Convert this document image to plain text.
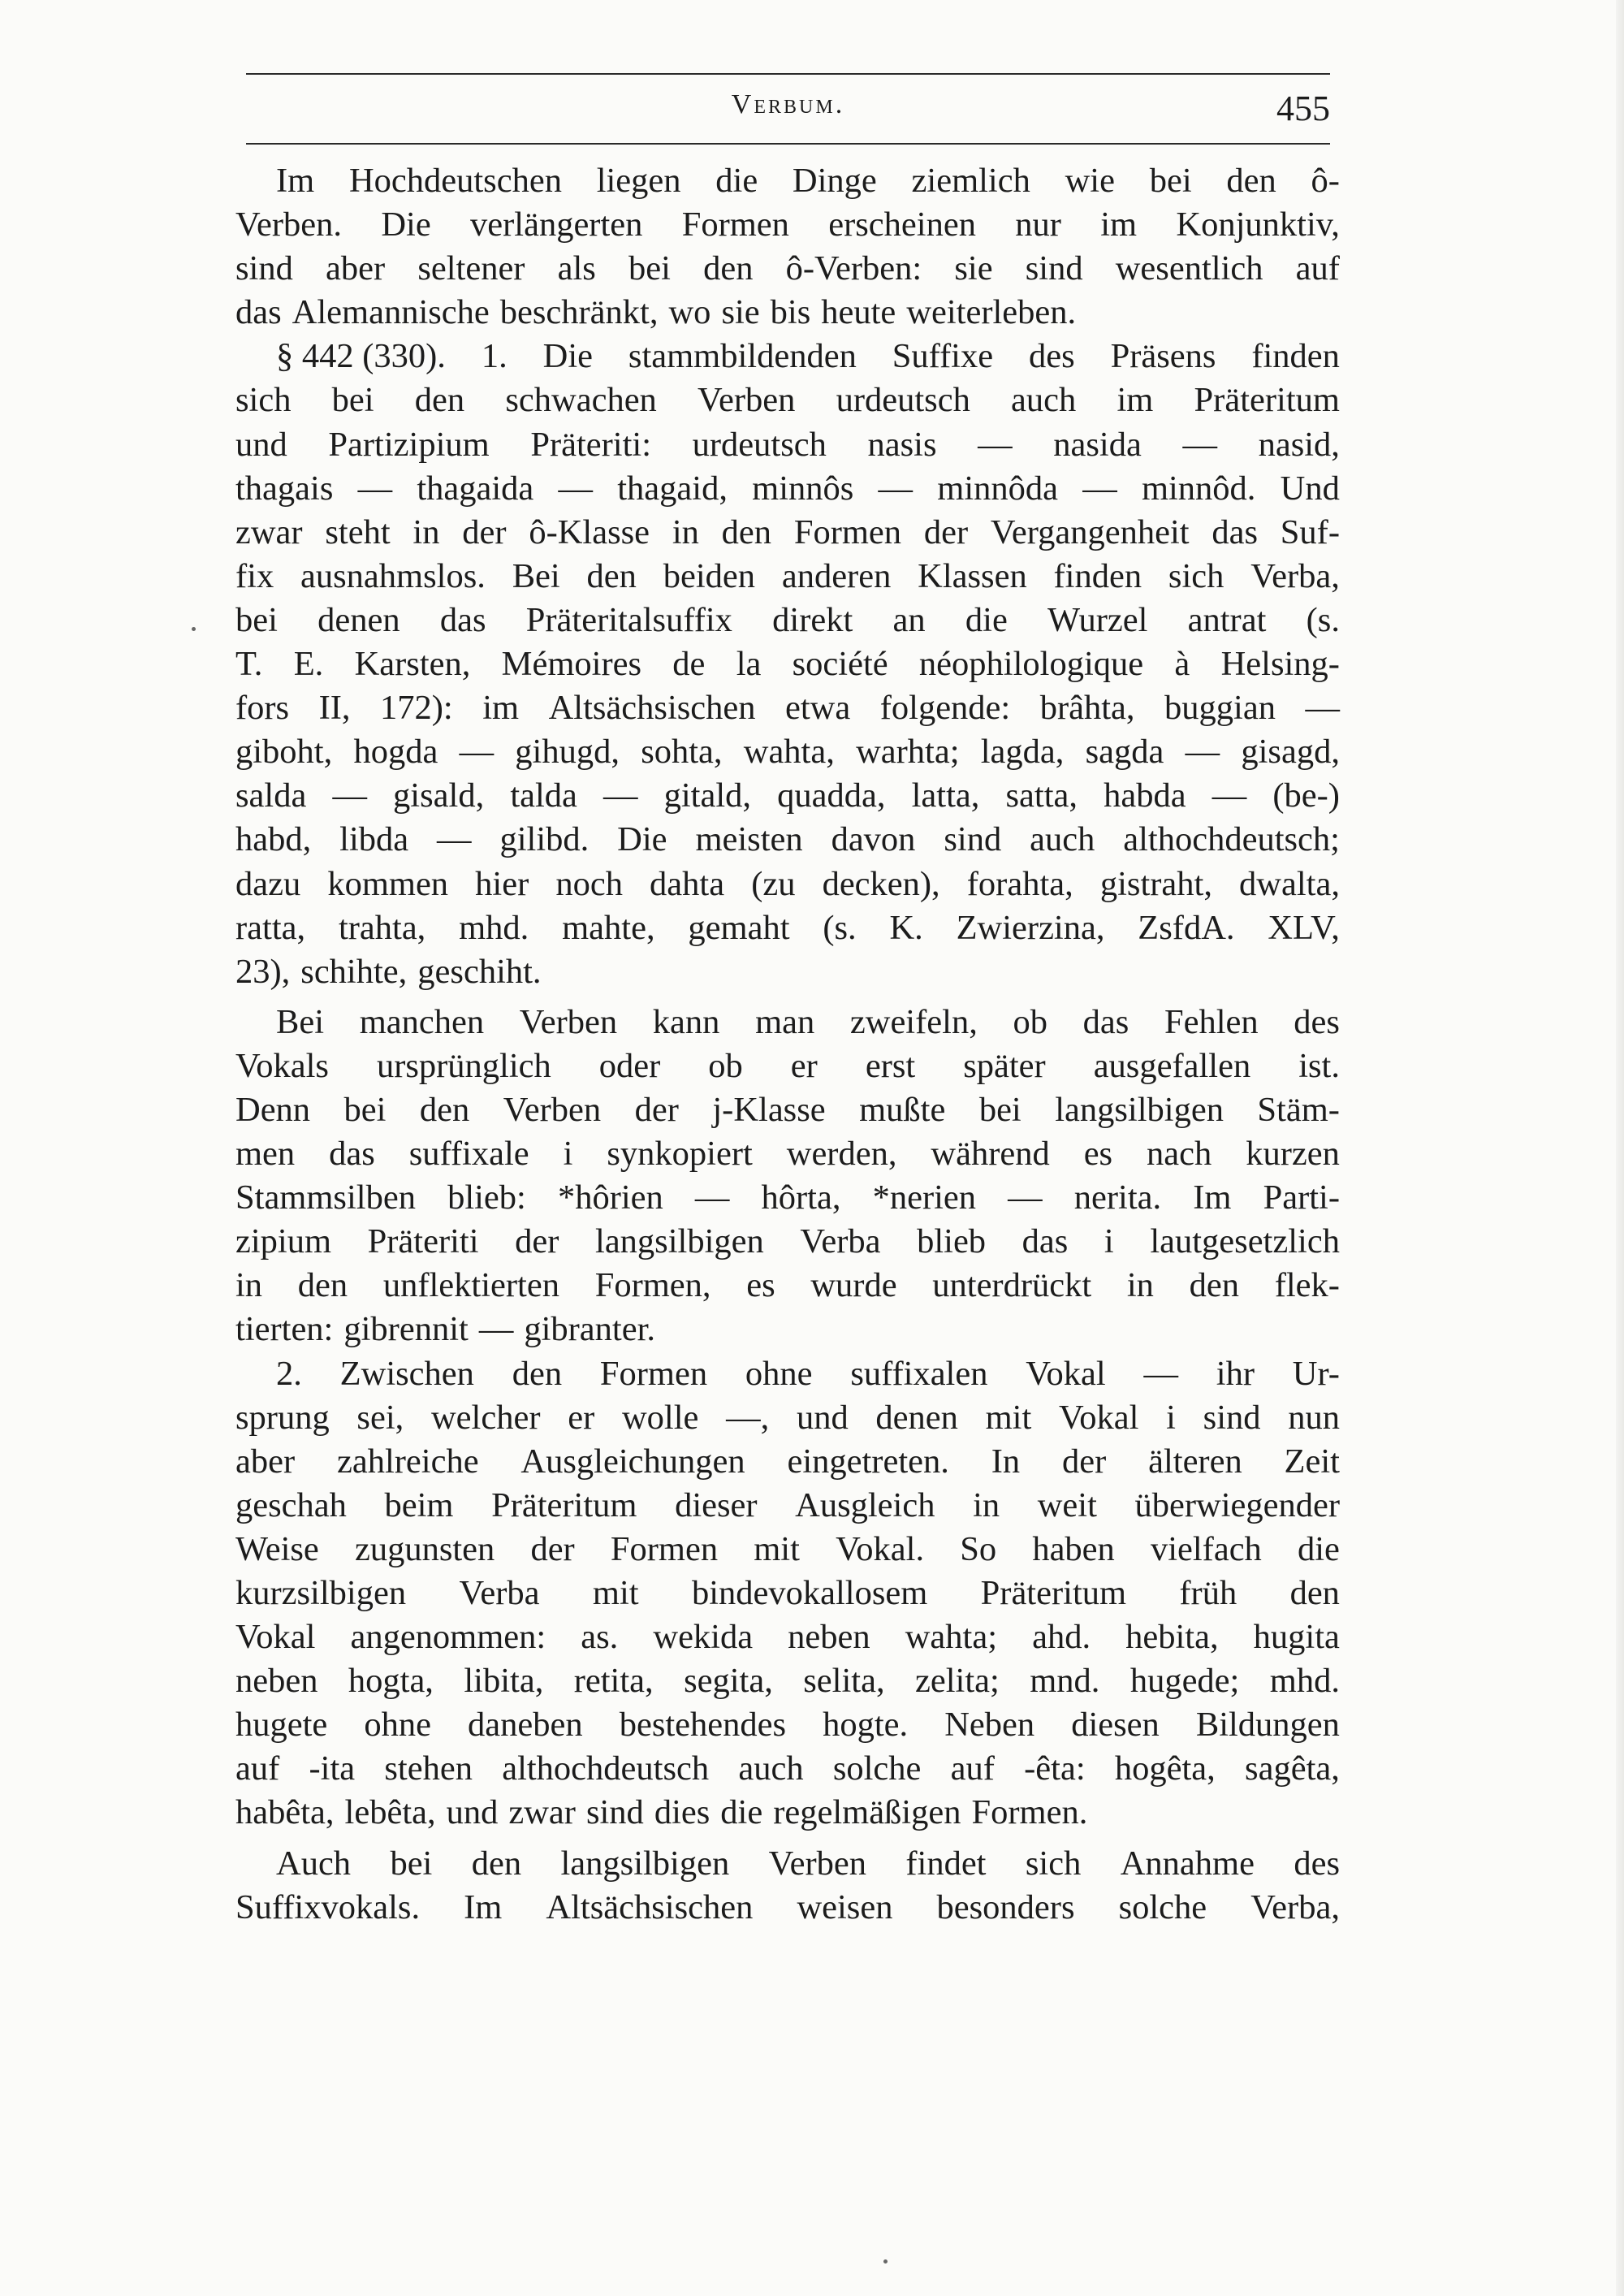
Verbum.	455
Im Hochdeutschen liegen die Dinge ziemlich wie bei den ô-
Verben. Die verlängerten Formen erscheinen nur im Konjunktiv,
sind aber seltener als bei den ô-Verben: sie sind wesentlich auf
das Alemannische beschränkt, wo sie bis heute weiterleben.
§ 442 (330). 1. Die stammbildenden Suffixe des Präsens finden
sich bei den schwachen Verben urdeutsch auch im Präteritum
und Partizipium Präteriti: urdeutsch nasis — nasida — nasid,
thagais — thagaida — thagaid, minnôs — minnôda — minnôd. Und
zwar steht in der ô-Klasse in den Formen der Vergangenheit das Suf-
fix ausnahmslos. Bei den beiden anderen Klassen finden sich Verba,
bei denen das Präteritalsuffix direkt an die Wurzel antrat (s.
T. E. Karsten, Mémoires de la société néophilologique à Helsing-
fors II, 172): im Altsächsischen etwa folgende: brâhta, buggian —
giboht, hogda — gihugd, sohta, wahta, warhta; lagda, sagda — gisagd,
salda — gisald, talda — gitald, quadda, latta, satta, habda — (be-)
habd, libda — gilibd. Die meisten davon sind auch althochdeutsch;
dazu kommen hier noch dahta (zu decken), forahta, gistraht, dwalta,
ratta, trahta, mhd. mahte, gemaht (s. K. Zwierzina, ZsfdA. XLV,
23), schihte, geschiht.
Bei manchen Verben kann man zweifeln, ob das Fehlen des
Vokals ursprünglich oder ob er erst später ausgefallen ist.
Denn bei den Verben der j-Klasse mußte bei langsilbigen Stäm-
men das suffixale i synkopiert werden, während es nach kurzen
Stammsilben blieb: *hôrien — hôrta, *nerien — nerita. Im Parti-
zipium Präteriti der langsilbigen Verba blieb das i lautgesetzlich
in den unflektierten Formen, es wurde unterdrückt in den flek-
tierten: gibrennit — gibranter.
2. Zwischen den Formen ohne suffixalen Vokal — ihr Ur-
sprung sei, welcher er wolle —, und denen mit Vokal i sind nun
aber zahlreiche Ausgleichungen eingetreten. In der älteren Zeit
geschah beim Präteritum dieser Ausgleich in weit überwiegender
Weise zugunsten der Formen mit Vokal. So haben vielfach die
kurzsilbigen Verba mit bindevokallosem Präteritum früh den
Vokal angenommen: as. wekida neben wahta; ahd. hebita, hugita
neben hogta, libita, retita, segita, selita, zelita; mnd. hugede; mhd.
hugete ohne daneben bestehendes hogte. Neben diesen Bildungen
auf -ita stehen althochdeutsch auch solche auf -êta: hogêta, sagêta,
habêta, lebêta, und zwar sind dies die regelmäßigen Formen.
Auch bei den langsilbigen Verben findet sich Annahme des
Suffixvokals. Im Altsächsischen weisen besonders solche Verba,
